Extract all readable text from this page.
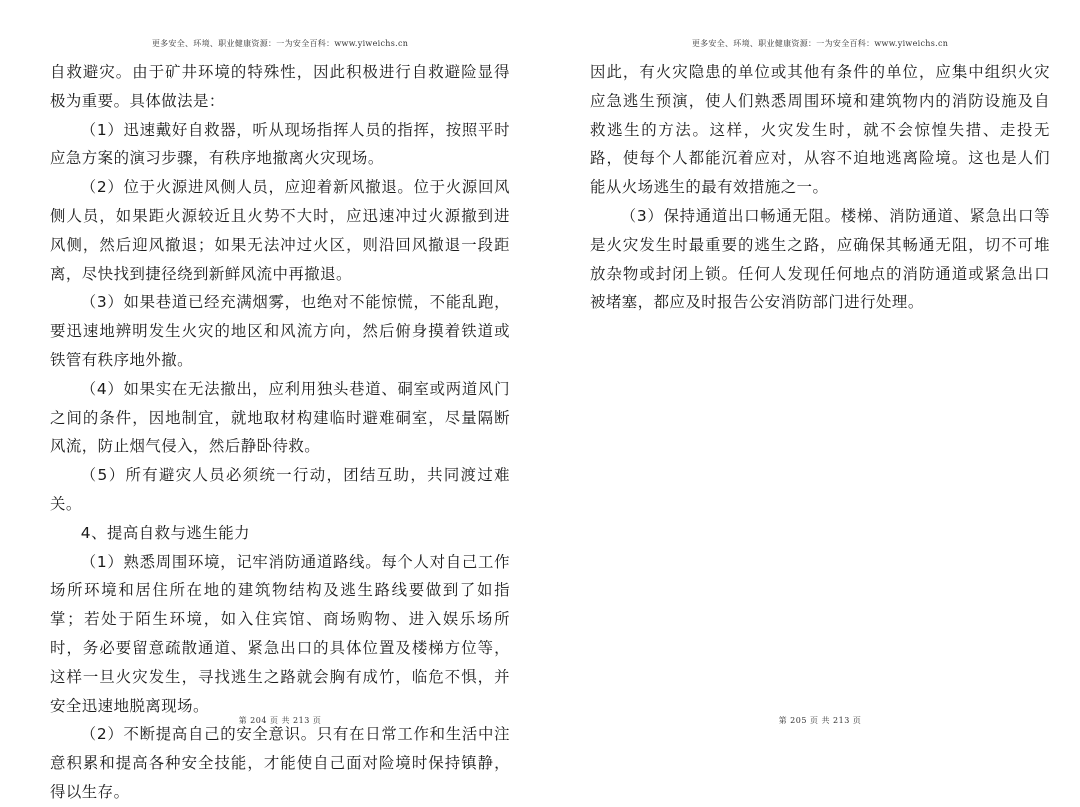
更多安全、环境、职业健康资源：一为安全百科：www.yiweichs.cn

自救避灾。由于矿井环境的特殊性，因此积极进行自救避险显得极为重要。具体做法是：

（1）迅速戴好自救器，听从现场指挥人员的指挥，按照平时应急方案的演习步骤，有秩序地撤离火灾现场。

（2）位于火源进风侧人员，应迎着新风撤退。位于火源回风侧人员，如果距火源较近且火势不大时，应迅速冲过火源撤到进风侧，然后迎风撤退；如果无法冲过火区，则沿回风撤退一段距离，尽快找到捷径绕到新鲜风流中再撤退。

（3）如果巷道已经充满烟雾，也绝对不能惊慌，不能乱跑，要迅速地辨明发生火灾的地区和风流方向，然后俯身摸着铁道或铁管有秩序地外撤。

（4）如果实在无法撤出，应利用独头巷道、硐室或两道风门之间的条件，因地制宜，就地取材构建临时避难硐室，尽量隔断风流，防止烟气侵入，然后静卧待救。

（5）所有避灾人员必须统一行动，团结互助，共同渡过难关。

4、提高自救与逃生能力

（1）熟悉周围环境，记牢消防通道路线。每个人对自己工作场所环境和居住所在地的建筑物结构及逃生路线要做到了如指掌；若处于陌生环境，如入住宾馆、商场购物、进入娱乐场所时，务必要留意疏散通道、紧急出口的具体位置及楼梯方位等，这样一旦火灾发生，寻找逃生之路就会胸有成竹，临危不惧，并安全迅速地脱离现场。

（2）不断提高自己的安全意识。只有在日常工作和生活中注意积累和提高各种安全技能，才能使自己面对险境时保持镇静，得以生存。

第 204 页 共 213 页
更多安全、环境、职业健康资源：一为安全百科：www.yiweichs.cn

因此，有火灾隐患的单位或其他有条件的单位，应集中组织火灾应急逃生预演，使人们熟悉周围环境和建筑物内的消防设施及自救逃生的方法。这样，火灾发生时，就不会惊惶失措、走投无路，使每个人都能沉着应对，从容不迫地逃离险境。这也是人们能从火场逃生的最有效措施之一。

（3）保持通道出口畅通无阻。楼梯、消防通道、紧急出口等是火灾发生时最重要的逃生之路，应确保其畅通无阻，切不可堆放杂物或封闭上锁。任何人发现任何地点的消防通道或紧急出口被堵塞，都应及时报告公安消防部门进行处理。

第 205 页 共 213 页
